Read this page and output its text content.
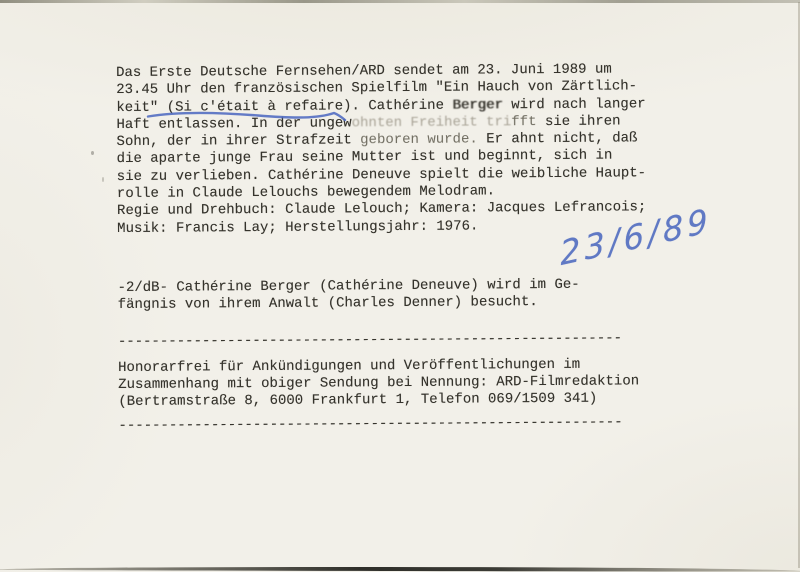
Das Erste Deutsche Fernsehen/ARD sendet am 23. Juni 1989 um
23.45 Uhr den französischen Spielfilm "Ein Hauch von Zärtlich-
keit" (Si c'était à refaire). Cathérine Berger wird nach langer
Haft entlassen. In der ungewohnten Freiheit trifft sie ihren
Sohn, der in ihrer Strafzeit geboren wurde. Er ahnt nicht, daß
die aparte junge Frau seine Mutter ist und beginnt, sich in
sie zu verlieben. Cathérine Deneuve spielt die weibliche Haupt-
rolle in Claude Lelouchs bewegendem Melodram.
Regie und Drehbuch: Claude Lelouch; Kamera: Jacques Lefrancois;
Musik: Francis Lay; Herstellungsjahr: 1976.
-2/dB- Cathérine Berger (Cathérine Deneuve) wird im Ge-
fängnis von ihrem Anwalt (Charles Denner) besucht.
------------------------------------------------------------
Honorarfrei für Ankündigungen und Veröffentlichungen im
Zusammenhang mit obiger Sendung bei Nennung: ARD-Filmredaktion
(Bertramstraße 8, 6000 Frankfurt 1, Telefon 069/1509 341)
------------------------------------------------------------
23/6/89
